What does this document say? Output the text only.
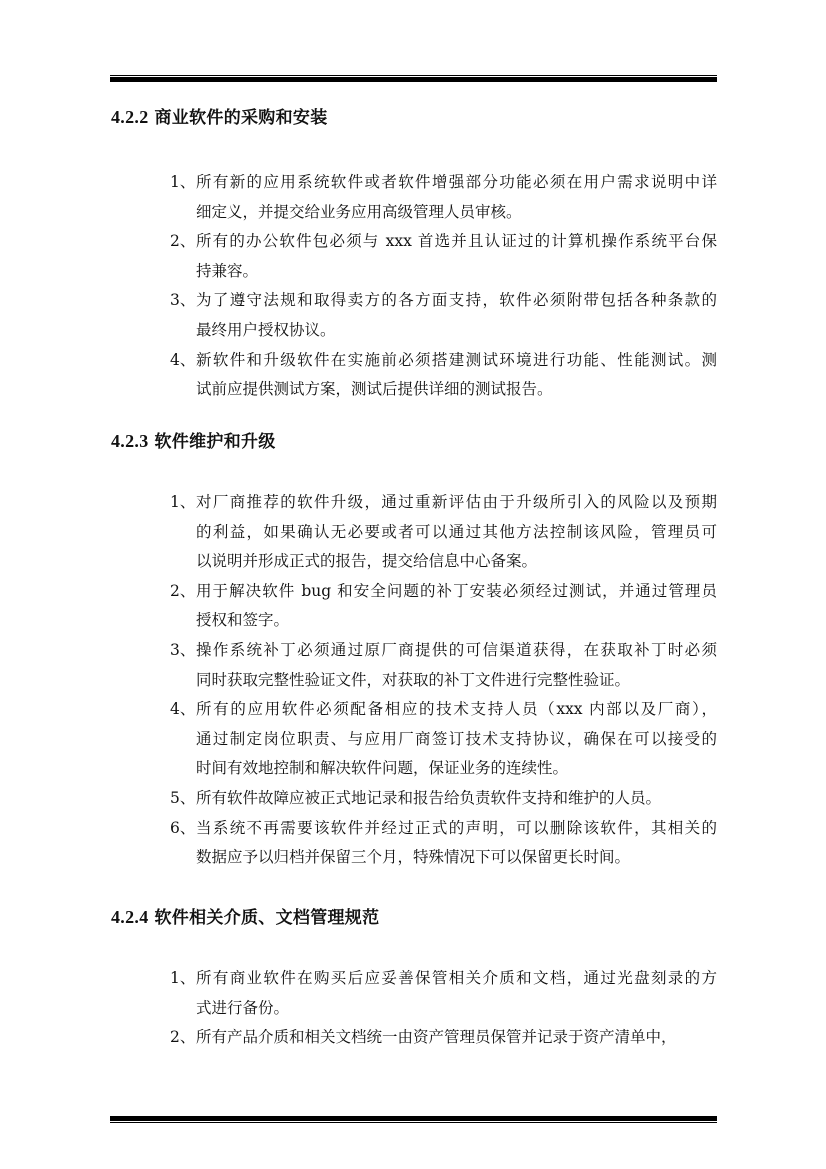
4.2.2 商业软件的采购和安装
1、 所有新的应用系统软件或者软件增强部分功能必须在用户需求说明中详
细定义，并提交给业务应用高级管理人员审核。
2、 所有的办公软件包必须与 xxx 首选并且认证过的计算机操作系统平台保
持兼容。
3、 为了遵守法规和取得卖方的各方面支持，软件必须附带包括各种条款的
最终用户授权协议。
4、 新软件和升级软件在实施前必须搭建测试环境进行功能、性能测试。测
试前应提供测试方案，测试后提供详细的测试报告。
4.2.3 软件维护和升级
1、 对厂商推荐的软件升级，通过重新评估由于升级所引入的风险以及预期
的利益，如果确认无必要或者可以通过其他方法控制该风险，管理员可
以说明并形成正式的报告，提交给信息中心备案。
2、 用于解决软件 bug 和安全问题的补丁安装必须经过测试，并通过管理员
授权和签字。
3、 操作系统补丁必须通过原厂商提供的可信渠道获得，在获取补丁时必须
同时获取完整性验证文件，对获取的补丁文件进行完整性验证。
4、 所有的应用软件必须配备相应的技术支持人员（xxx 内部以及厂商），
通过制定岗位职责、与应用厂商签订技术支持协议，确保在可以接受的
时间有效地控制和解决软件问题，保证业务的连续性。
5、 所有软件故障应被正式地记录和报告给负责软件支持和维护的人员。
6、 当系统不再需要该软件并经过正式的声明，可以删除该软件，其相关的
数据应予以归档并保留三个月，特殊情况下可以保留更长时间。
4.2.4 软件相关介质、文档管理规范
1、 所有商业软件在购买后应妥善保管相关介质和文档，通过光盘刻录的方
式进行备份。
2、 所有产品介质和相关文档统一由资产管理员保管并记录于资产清单中，
